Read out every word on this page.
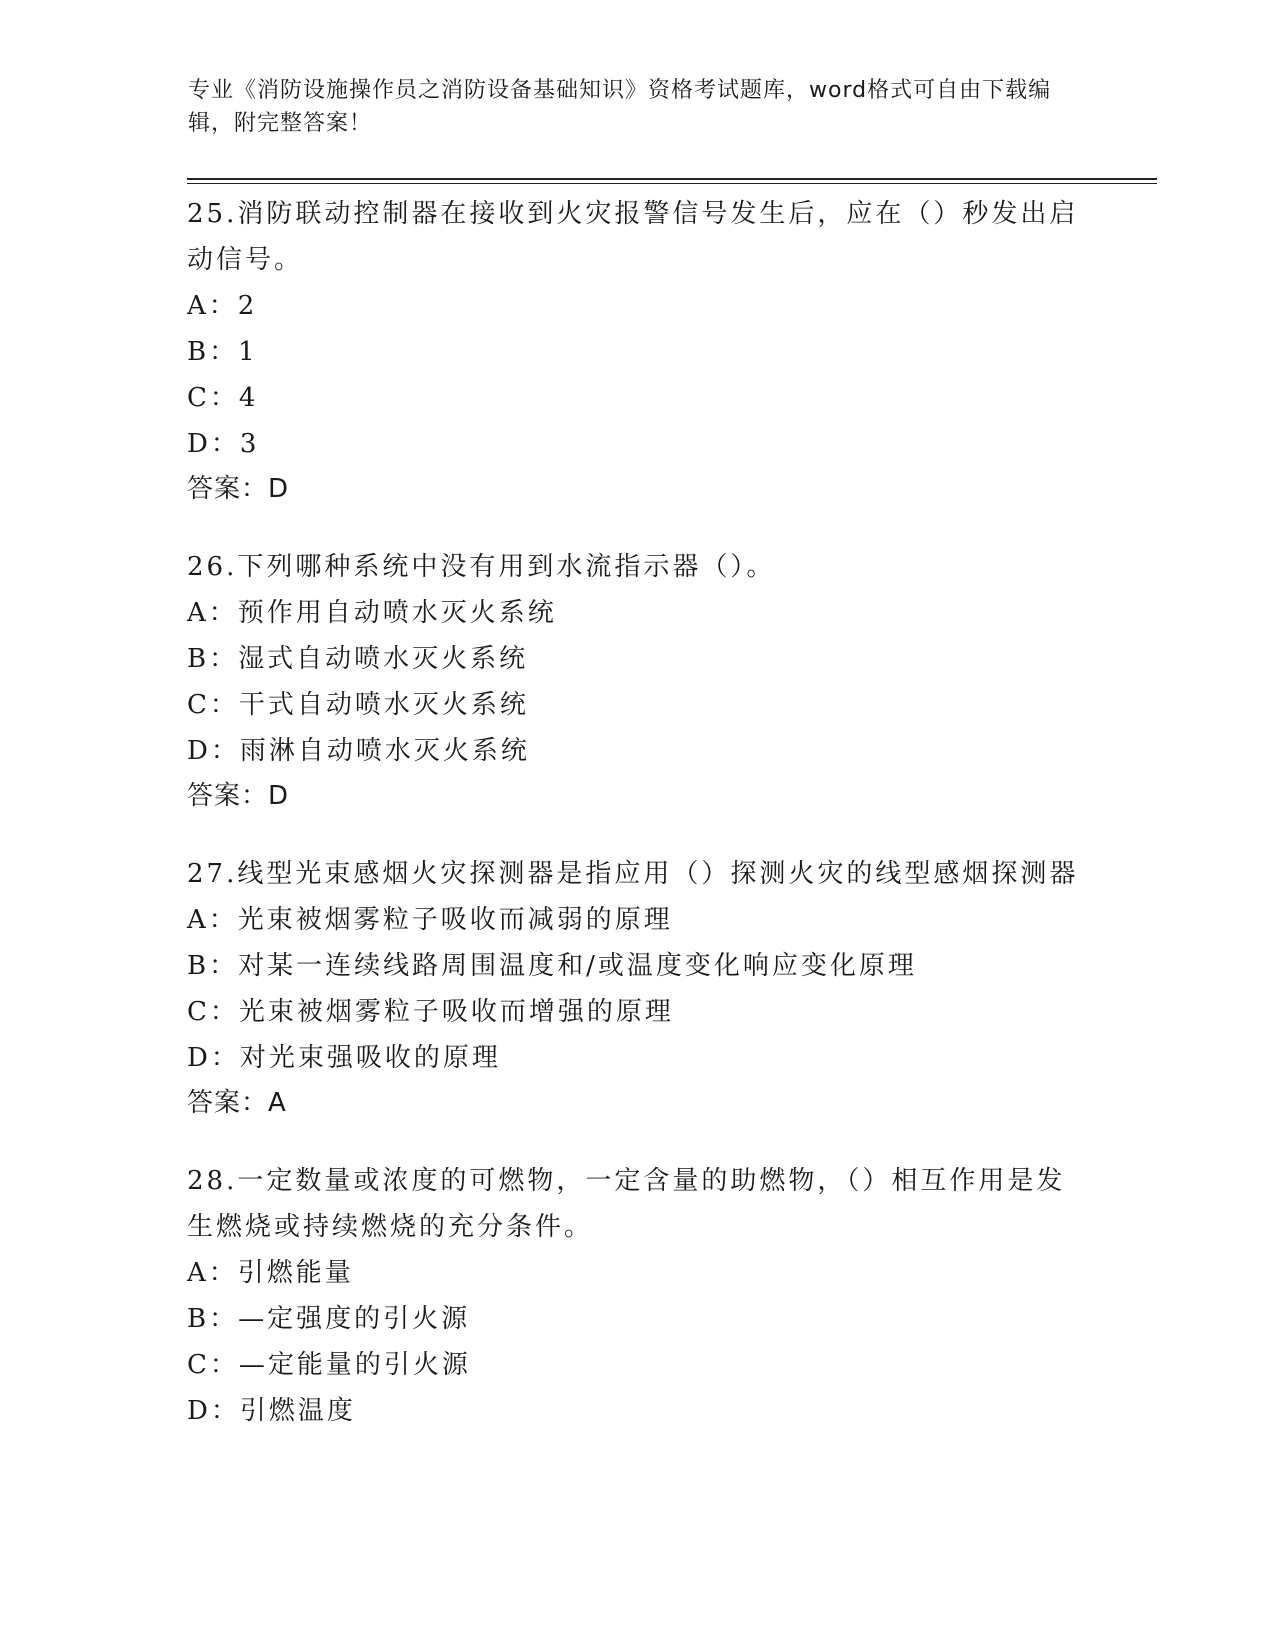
专业《消防设施操作员之消防设备基础知识》资格考试题库，word格式可自由下载编辑，附完整答案！
25.消防联动控制器在接收到火灾报警信号发生后，应在（）秒发出启动信号。
A：2
B：1
C：4
D：3
答案：D
26.下列哪种系统中没有用到水流指示器（）。
A：预作用自动喷水灭火系统
B：湿式自动喷水灭火系统
C：干式自动喷水灭火系统
D：雨淋自动喷水灭火系统
答案：D
27.线型光束感烟火灾探测器是指应用（）探测火灾的线型感烟探测器
A：光束被烟雾粒子吸收而减弱的原理
B：对某一连续线路周围温度和/或温度变化响应变化原理
C：光束被烟雾粒子吸收而增强的原理
D：对光束强吸收的原理
答案：A
28.一定数量或浓度的可燃物，一定含量的助燃物，（）相互作用是发生燃烧或持续燃烧的充分条件。
A：引燃能量
B：—定强度的引火源
C：—定能量的引火源
D：引燃温度
